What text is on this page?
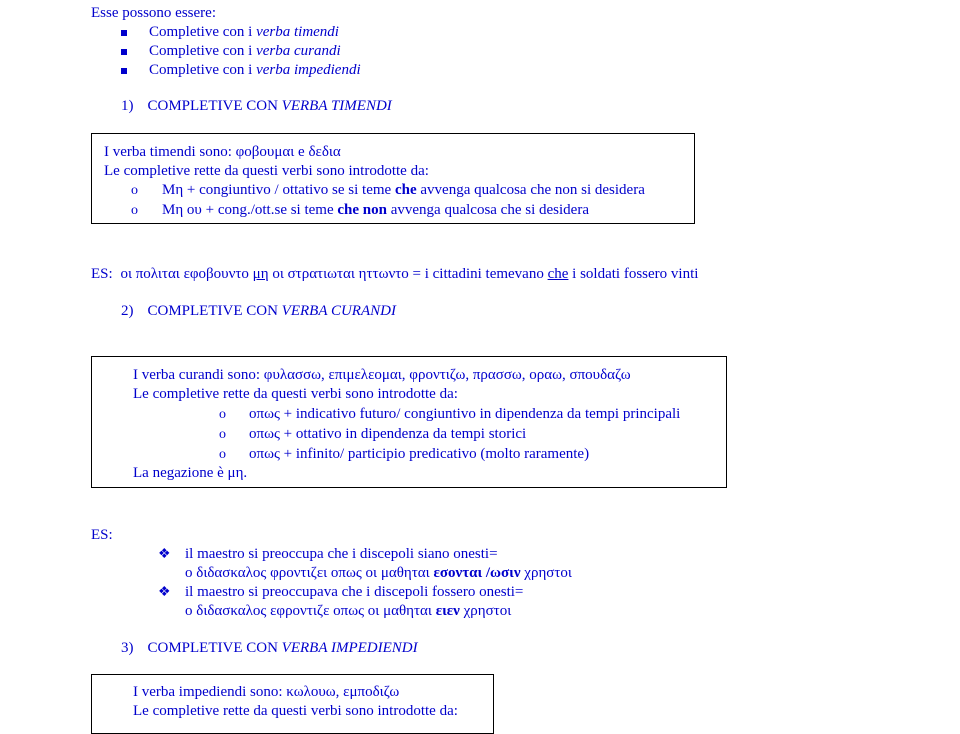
Esse possono essere:
Completive con i verba timendi
Completive con i verba curandi
Completive con i verba impediendi
1) COMPLETIVE CON VERBA TIMENDI
I verba timendi sono: φοβουμαι e δεδια
Le completive rette da questi verbi sono introdotte da:
o Μη + congiuntivo / ottativo se si teme che avvenga qualcosa che non si desidera
o Μη ου + cong./ott.se si teme che non avvenga qualcosa che si desidera
ES: οι πολιται εφοβουντο μη οι στρατιωται ηττωντο = i cittadini temevano che i soldati fossero vinti
2) COMPLETIVE CON VERBA CURANDI
I verba curandi sono: φυλασσω, επιμελεομαι, φροντιζω, πρασσω, οραω, σπουδαζω
Le completive rette da questi verbi sono introdotte da:
o οπως + indicativo futuro/ congiuntivo in dipendenza da tempi principali
o οπως + ottativo in dipendenza da tempi storici
o οπως + infinito/ participio predicativo (molto raramente)
La negazione è μη.
ES:
❖ il maestro si preoccupa che i discepoli siano onesti=
ο διδασκαλος φροντιζει οπως οι μαθηται εσονται /ωσιν χρηστοι
❖ il maestro si preoccupava che i discepoli fossero onesti=
ο διδασκαλος εφροντιζε οπως οι μαθηται ειεν χρηστοι
3) COMPLETIVE CON VERBA IMPEDIENDI
I verba impediendi sono: κωλουω, εμποδιζω
Le completive rette da questi verbi sono introdotte da:
